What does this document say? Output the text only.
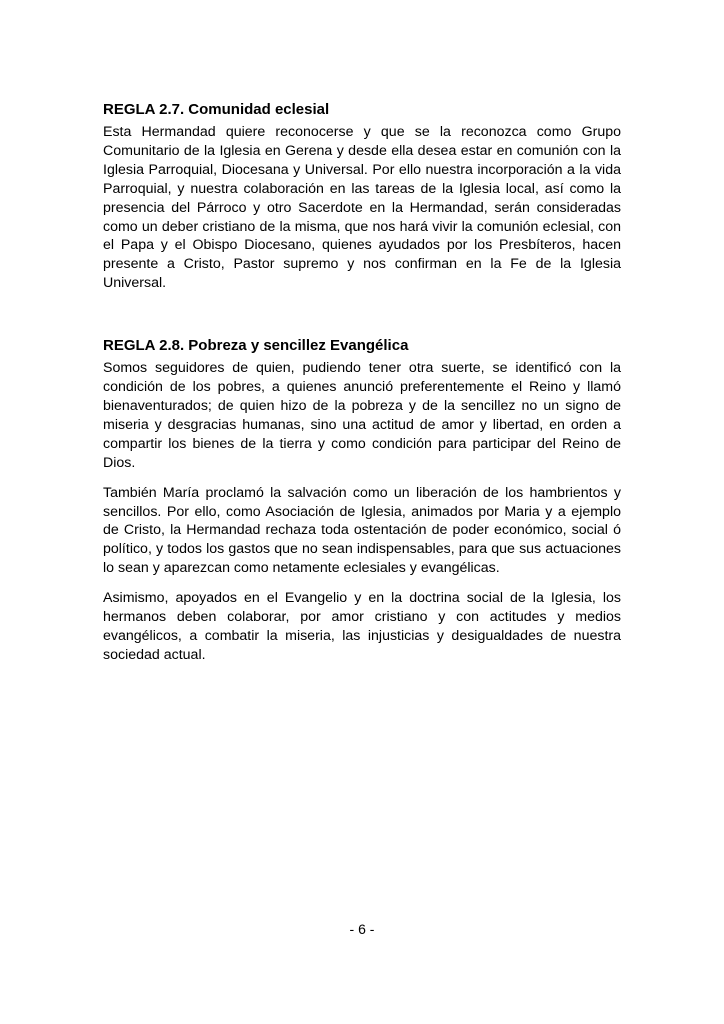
REGLA 2.7. Comunidad eclesial

Esta Hermandad quiere reconocerse y que se la reconozca como Grupo Comunitario de la Iglesia en Gerena y desde ella desea estar en comunión con la Iglesia Parroquial, Diocesana y Universal. Por ello nuestra incorporación a la vida Parroquial, y nuestra colaboración en las tareas de la Iglesia local, así como la presencia del Párroco y otro Sacerdote en la Hermandad, serán consideradas como un deber cristiano de la misma, que nos hará vivir la comunión eclesial, con el Papa y el Obispo Diocesano, quienes ayudados por los Presbíteros, hacen presente a Cristo, Pastor supremo y nos confirman en la Fe de la Iglesia Universal.

REGLA 2.8. Pobreza y sencillez Evangélica

Somos seguidores de quien, pudiendo tener otra suerte, se identificó con la condición de los pobres, a quienes anunció preferentemente el Reino y llamó bienaventurados; de quien hizo de la pobreza y de la sencillez no un signo de miseria y desgracias humanas, sino una actitud de amor y libertad, en orden a compartir los bienes de la tierra y como condición para participar del Reino de Dios.

También María proclamó la salvación como un liberación de los hambrientos y sencillos. Por ello, como Asociación de Iglesia, animados por Maria y a ejemplo de Cristo, la Hermandad rechaza toda ostentación de poder económico, social ó político, y todos los gastos que no sean indispensables, para que sus actuaciones lo sean y aparezcan como netamente eclesiales y evangélicas.

Asimismo, apoyados en el Evangelio y en la doctrina social de la Iglesia, los hermanos deben colaborar, por amor cristiano y con actitudes y medios evangélicos, a combatir la miseria, las injusticias y desigualdades de nuestra sociedad actual.

- 6 -
